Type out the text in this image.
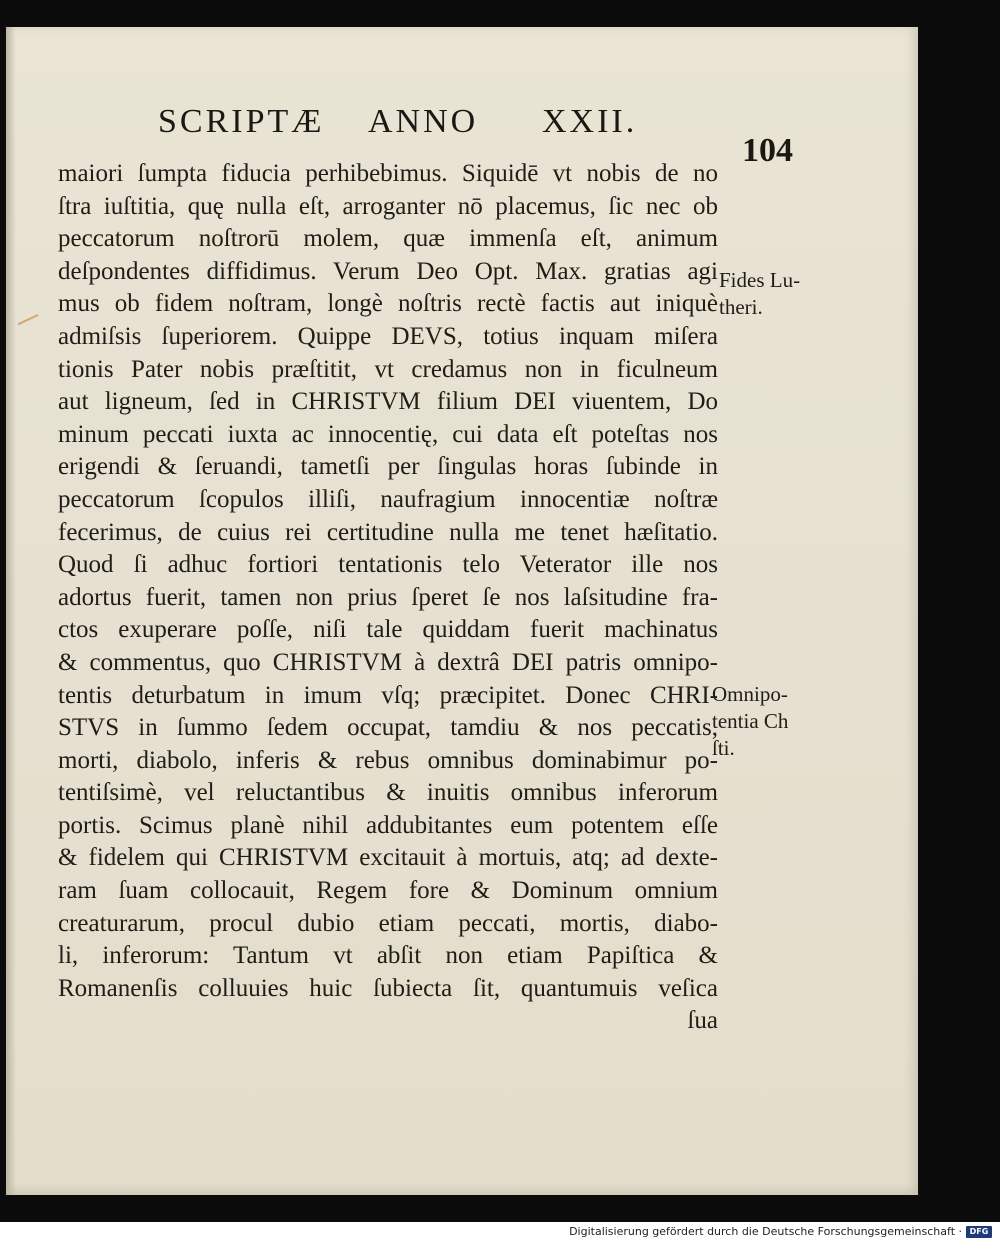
SCRIPTÆ ANNO XXII.
104
maiori ſumpta fiducia perhibebimus. Siquidē vt nobis de no
ſtra iuſtitia, quę nulla eſt, arroganter nō placemus, ſic nec ob
peccatorum noſtrorū molem, quæ immenſa eſt, animum
deſpondentes diffidimus. Verum Deo Opt. Max. gratias agi
mus ob fidem noſtram, longè noſtris rectè factis aut iniquè
admiſsis ſuperiorem. Quippe DEVS, totius inquam miſera
tionis Pater nobis præſtitit, vt credamus non in ficulneum
aut ligneum, ſed in CHRISTVM filium DEI viuentem, Do
minum peccati iuxta ac innocentię, cui data eſt poteſtas nos
erigendi & ſeruandi, tametſi per ſingulas horas ſubinde in
peccatorum ſcopulos illiſi, naufragium innocentiæ noſtræ
fecerimus, de cuius rei certitudine nulla me tenet hæſitatio.
Quod ſi adhuc fortiori tentationis telo Veterator ille nos
adortus fuerit, tamen non prius ſperet ſe nos laſsitudine fra-
ctos exuperare poſſe, niſi tale quiddam fuerit machinatus
& commentus, quo CHRISTVM à dextrâ DEI patris omnipo-
tentis deturbatum in imum vſq; præcipitet. Donec CHRI-
STVS in ſummo ſedem occupat, tamdiu & nos peccatis,
morti, diabolo, inferis & rebus omnibus dominabimur po-
tentiſsimè, vel reluctantibus & inuitis omnibus inferorum
portis. Scimus planè nihil addubitantes eum potentem eſſe
& fidelem qui CHRISTVM excitauit à mortuis, atq; ad dexte-
ram ſuam collocauit, Regem fore & Dominum omnium
creaturarum, procul dubio etiam peccati, mortis, diabo-
li, inferorum: Tantum vt abſit non etiam Papiſtica &
Romanenſis colluuies huic ſubiecta ſit, quantumuis veſica
ſua
Fides Lu-
theri.
Omnipo-
tentia Ch
ſti.
Digitalisierung gefördert durch die Deutsche Forschungsgemeinschaft · DFG
